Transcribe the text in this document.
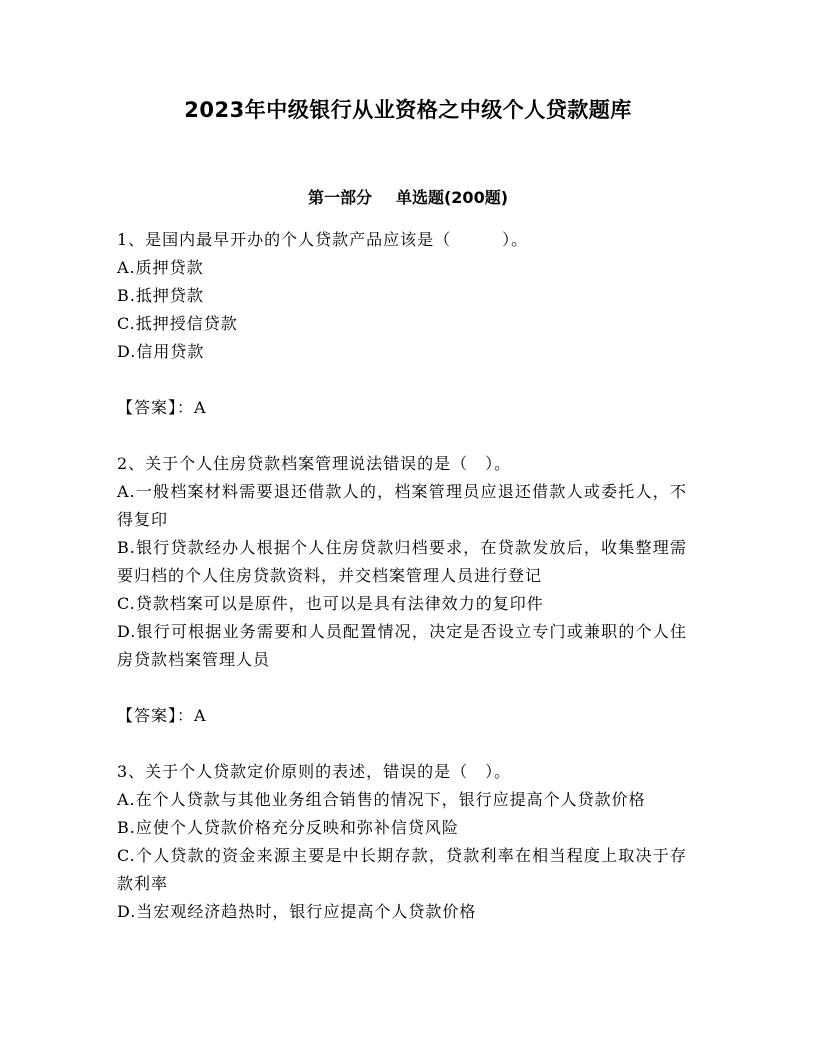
2023年中级银行从业资格之中级个人贷款题库
第一部分 单选题(200题)

1、是国内最早开办的个人贷款产品应该是（　　　）。

A.质押贷款

B.抵押贷款

C.抵押授信贷款

D.信用贷款

【答案】：A

2、关于个人住房贷款档案管理说法错误的是（　）。

A.一般档案材料需要退还借款人的，档案管理员应退还借款人或委托人，不得复印

B.银行贷款经办人根据个人住房贷款归档要求，在贷款发放后，收集整理需要归档的个人住房贷款资料，并交档案管理人员进行登记

C.贷款档案可以是原件，也可以是具有法律效力的复印件

D.银行可根据业务需要和人员配置情况，决定是否设立专门或兼职的个人住房贷款档案管理人员

【答案】：A

3、关于个人贷款定价原则的表述，错误的是（　）。

A.在个人贷款与其他业务组合销售的情况下，银行应提高个人贷款价格

B.应使个人贷款价格充分反映和弥补信贷风险

C.个人贷款的资金来源主要是中长期存款，贷款利率在相当程度上取决于存款利率

D.当宏观经济趋热时，银行应提高个人贷款价格
